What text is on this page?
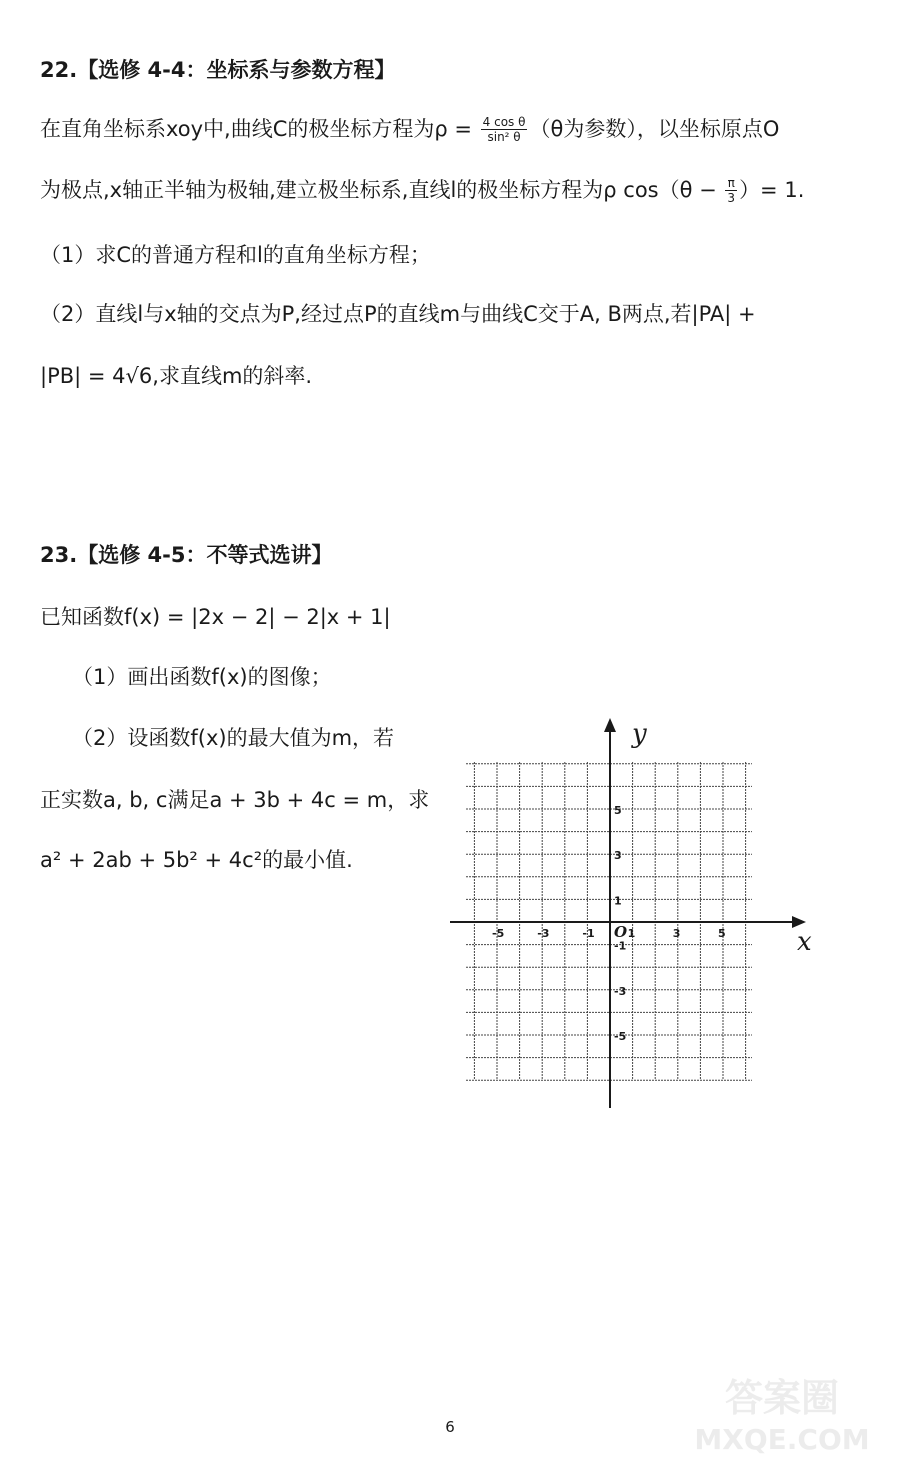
22.【选修 4-4：坐标系与参数方程】
在直角坐标系xoy中,曲线C的极坐标方程为$\rho = \frac{\text{4 cos θ}}{\text{sin² θ}} (\theta$为参数），以坐标原点O
为极点,x轴正半轴为极轴,建立极坐标系,直线l的极坐标方程为ρ $\cos(\theta - \frac{\pi}{3}$ ）= 1.
（1）求C的普通方程和l的直角坐标方程；
（2）直线l与x轴的交点为P,经过点P的直线m与曲线C交于A, B两点,若|PA| +
|PB| = 4√6,求直线m的斜率.
23.【选修 4-5：不等式选讲】
已知函数f(x) = |2x − 2| − 2|x + 1|
（1）画出函数f(x)的图像；
（2）设函数f(x)的最大值为m，若
正实数a, b, c满足a + 3b + 4c = m，求
a² + 2ab + 5b² + 4c²的最小值.
-5	-3	-1	1	3	5
5
3
1
-1
-3
-5
x
y
O
6
答案圈
MXQE.COM
